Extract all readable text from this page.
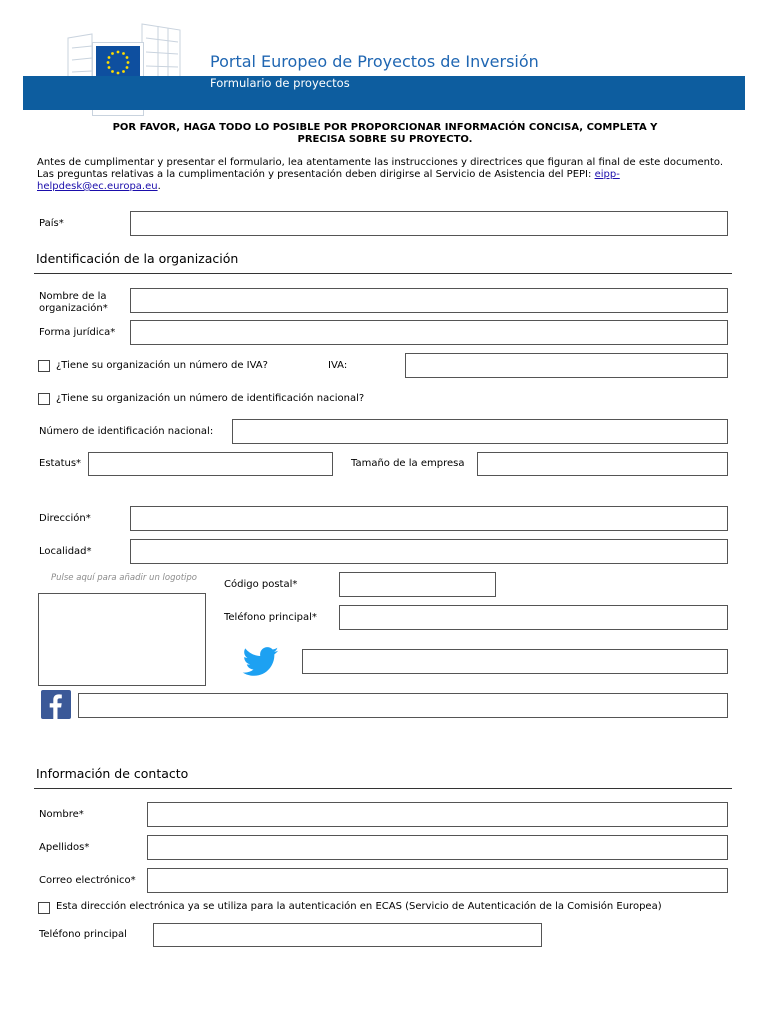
Portal Europeo de Proyectos de Inversión
Formulario de proyectos
POR FAVOR, HAGA TODO LO POSIBLE POR PROPORCIONAR INFORMACIÓN CONCISA, COMPLETA Y PRECISA SOBRE SU PROYECTO.
Antes de cumplimentar y presentar el formulario, lea atentamente las instrucciones y directrices que figuran al final de este documento. Las preguntas relativas a la cumplimentación y presentación deben dirigirse al Servicio de Asistencia del PEPI: eipp-helpdesk@ec.europa.eu.
País*
Identificación de la organización
Nombre de la organización*
Forma jurídica*
¿Tiene su organización un número de IVA?	IVA:
¿Tiene su organización un número de identificación nacional?
Número de identificación nacional:
Estatus*	Tamaño de la empresa
Dirección*
Localidad*
Pulse aquí para añadir un logotipo
Código postal*
Teléfono principal*
Información de contacto
Nombre*
Apellidos*
Correo electrónico*
Esta dirección electrónica ya se utiliza para la autenticación en ECAS (Servicio de Autenticación de la Comisión Europea)
Teléfono principal
